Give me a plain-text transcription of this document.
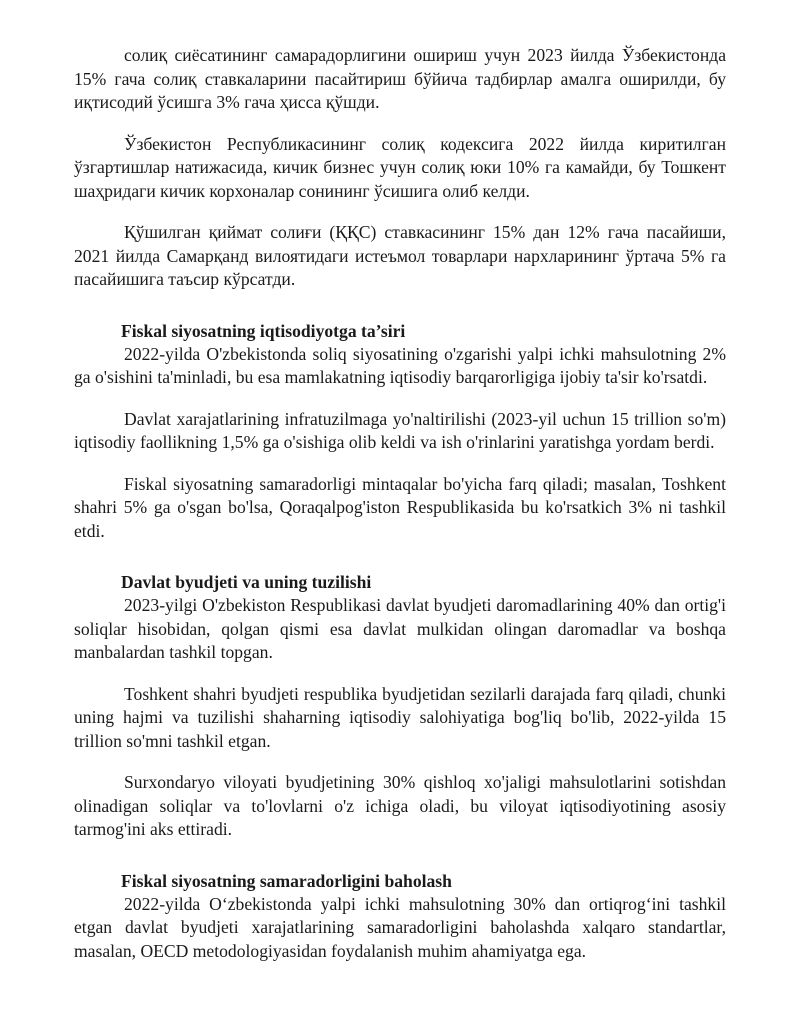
солиқ сиёсатининг самарадорлигини ошириш учун 2023 йилда Ўзбекистонда 15% гача солиқ ставкаларини пасайтириш бўйича тадбирлар амалга оширилди, бу иқтисодий ўсишга 3% гача ҳисса қўшди.

Ўзбекистон Республикасининг солиқ кодексига 2022 йилда киритилган ўзгартишлар натижасида, кичик бизнес учун солиқ юки 10% га камайди, бу Тошкент шаҳридаги кичик корхоналар сонининг ўсишига олиб келди.

Қўшилган қиймат солиғи (ҚҚС) ставкасининг 15% дан 12% гача пасайиши, 2021 йилда Самарқанд вилоятидаги истеъмол товарлари нархларининг ўртача 5% га пасайишига таъсир кўрсатди.

Fiskal siyosatning iqtisodiyotga ta’siri

2022-yilda O'zbekistonda soliq siyosatining o'zgarishi yalpi ichki mahsulotning 2% ga o'sishini ta'minladi, bu esa mamlakatning iqtisodiy barqarorligiga ijobiy ta'sir ko'rsatdi.

Davlat xarajatlarining infratuzilmaga yo'naltirilishi (2023-yil uchun 15 trillion so'm) iqtisodiy faollikning 1,5% ga o'sishiga olib keldi va ish o'rinlarini yaratishga yordam berdi.

Fiskal siyosatning samaradorligi mintaqalar bo'yicha farq qiladi; masalan, Toshkent shahri 5% ga o'sgan bo'lsa, Qoraqalpog'iston Respublikasida bu ko'rsatkich 3% ni tashkil etdi.

Davlat byudjeti va uning tuzilishi

2023-yilgi O'zbekiston Respublikasi davlat byudjeti daromadlarining 40% dan ortig'i soliqlar hisobidan, qolgan qismi esa davlat mulkidan olingan daromadlar va boshqa manbalardan tashkil topgan.

Toshkent shahri byudjeti respublika byudjetidan sezilarli darajada farq qiladi, chunki uning hajmi va tuzilishi shaharning iqtisodiy salohiyatiga bog'liq bo'lib, 2022-yilda 15 trillion so'mni tashkil etgan.

Surxondaryo viloyati byudjetining 30% qishloq xo'jaligi mahsulotlarini sotishdan olinadigan soliqlar va to'lovlarni o'z ichiga oladi, bu viloyat iqtisodiyotining asosiy tarmog'ini aks ettiradi.

Fiskal siyosatning samaradorligini baholash

2022-yilda O‘zbekistonda yalpi ichki mahsulotning 30% dan ortiqrog‘ini tashkil etgan davlat byudjeti xarajatlarining samaradorligini baholashda xalqaro standartlar, masalan, OECD metodologiyasidan foydalanish muhim ahamiyatga ega.
